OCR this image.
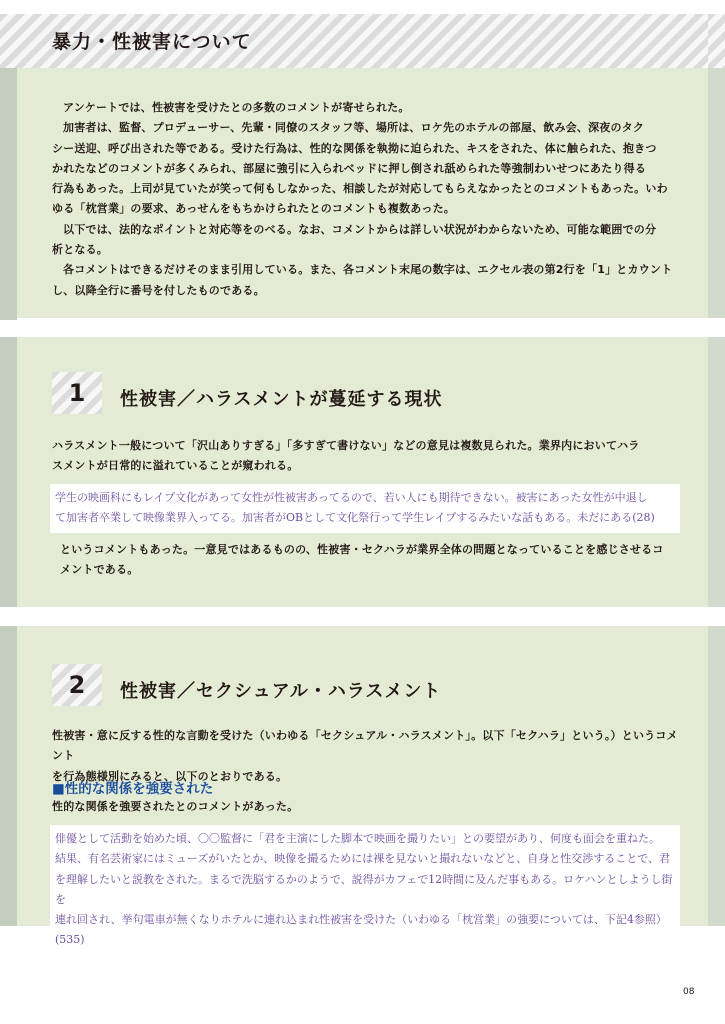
暴力・性被害について

アンケートでは、性被害を受けたとの多数のコメントが寄せられた。

加害者は、監督、プロデューサー、先輩・同僚のスタッフ等、場所は、ロケ先のホテルの部屋、飲み会、深夜のタク

シー送迎、呼び出された等である。受けた行為は、性的な関係を執拗に迫られた、キスをされた、体に触られた、抱きつ

かれたなどのコメントが多くみられ、部屋に強引に入られベッドに押し倒され舐められた等強制わいせつにあたり得る

行為もあった。上司が見ていたが笑って何もしなかった、相談したが対応してもらえなかったとのコメントもあった。いわ

ゆる「枕営業」の要求、あっせんをもちかけられたとのコメントも複数あった。

以下では、法的なポイントと対応等をのべる。なお、コメントからは詳しい状況がわからないため、可能な範囲での分

析となる。

各コメントはできるだけそのまま引用している。また、各コメント末尾の数字は、エクセル表の第2行を「1」とカウント

し、以降全行に番号を付したものである。

1	性被害／ハラスメントが蔓延する現状

ハラスメント一般について「沢山ありすぎる」「多すぎて書けない」などの意見は複数見られた。業界内においてハラ

スメントが日常的に溢れていることが窺われる。

学生の映画科にもレイプ文化があって女性が性被害あってるので、若い人にも期待できない。被害にあった女性が中退し

て加害者卒業して映像業界入ってる。加害者がOBとして文化祭行って学生レイプするみたいな話もある。未だにある(28)

というコメントもあった。一意見ではあるものの、性被害・セクハラが業界全体の問題となっていることを感じさせるコ

メントである。

2	性被害／セクシュアル・ハラスメント

性被害・意に反する性的な言動を受けた（いわゆる「セクシュアル・ハラスメント」。以下「セクハラ」という。）というコメント

を行為態様別にみると、以下のとおりである。

■性的な関係を強要された
性的な関係を強要されたとのコメントがあった。

俳優として活動を始めた頃、〇〇監督に「君を主演にした脚本で映画を撮りたい」との要望があり、何度も面会を重ねた。

結果、有名芸術家にはミューズがいたとか、映像を撮るためには裸を見ないと撮れないなどと、自身と性交渉することで、君

を理解したいと説教をされた。まるで洗脳するかのようで、説得がカフェで12時間に及んだ事もある。ロケハンとしようし街を

連れ回され、挙句電車が無くなりホテルに連れ込まれ性被害を受けた（いわゆる「枕営業」の強要については、下記4参照）(535)

08
